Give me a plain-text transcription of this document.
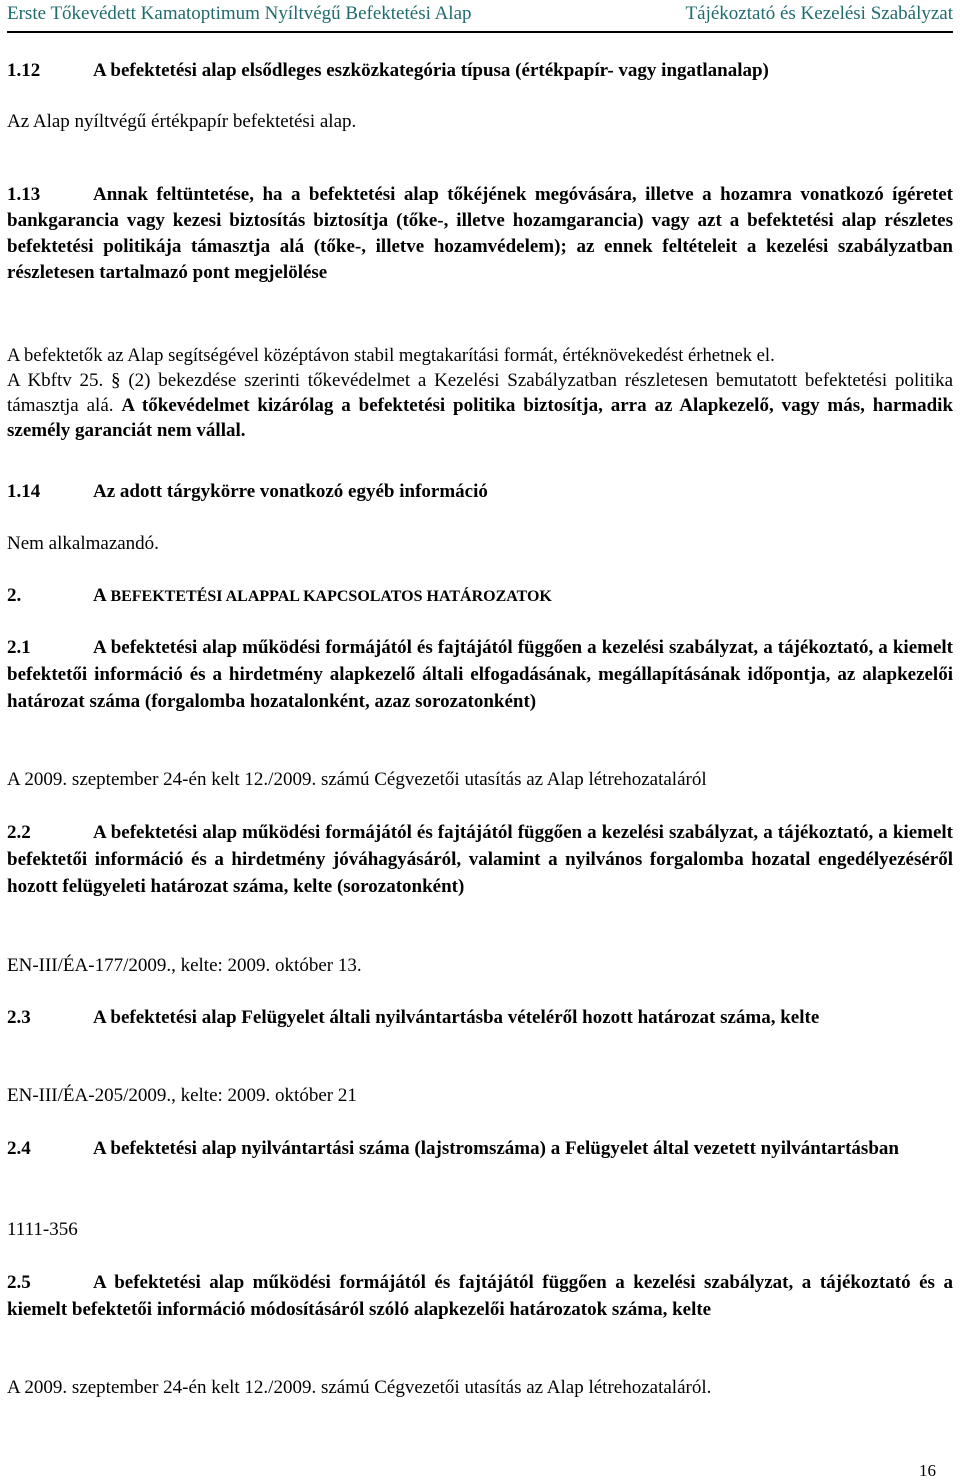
Erste Tőkevédett Kamatoptimum Nyíltvégű Befektetési Alap	Tájékoztató és Kezelési Szabályzat
1.12	A befektetési alap elsődleges eszközkategória típusa (értékpapír- vagy ingatlanalap)
Az Alap nyíltvégű értékpapír befektetési alap.
1.13	Annak feltüntetése, ha a befektetési alap tőkéjének megóvására, illetve a hozamra vonatkozó ígéretet bankgarancia vagy kezesi biztosítás biztosítja (tőke-, illetve hozamgarancia) vagy azt a befektetési alap részletes befektetési politikája támasztja alá (tőke-, illetve hozamvédelem); az ennek feltételeit a kezelési szabályzatban részletesen tartalmazó pont megjelölése
A befektetők az Alap segítségével középtávon stabil megtakarítási formát, értéknövekedést érhetnek el.
A Kbftv 25. § (2) bekezdése szerinti tőkevédelmet a Kezelési Szabályzatban részletesen bemutatott befektetési politika támasztja alá. A tőkevédelmet kizárólag a befektetési politika biztosítja, arra az Alapkezelő, vagy más, harmadik személy garanciát nem vállal.
1.14	Az adott tárgykörre vonatkozó egyéb információ
Nem alkalmazandó.
2.	A BEFEKTETÉSI ALAPPAL KAPCSOLATOS HATÁROZATOK
2.1	A befektetési alap működési formájától és fajtájától függően a kezelési szabályzat, a tájékoztató, a kiemelt befektetői információ és a hirdetmény alapkezelő általi elfogadásának, megállapításának időpontja, az alapkezelői határozat száma (forgalomba hozatalonként, azaz sorozatonként)
A 2009. szeptember 24-én kelt 12./2009. számú Cégvezetői utasítás az Alap létrehozataláról
2.2	A befektetési alap működési formájától és fajtájától függően a kezelési szabályzat, a tájékoztató, a kiemelt befektetői információ és a hirdetmény jóváhagyásáról, valamint a nyilvános forgalomba hozatal engedélyezéséről hozott felügyeleti határozat száma, kelte (sorozatonként)
EN-III/ÉA-177/2009., kelte: 2009. október 13.
2.3	A befektetési alap Felügyelet általi nyilvántartásba vételéről hozott határozat száma, kelte
EN-III/ÉA-205/2009., kelte: 2009. október 21
2.4	A befektetési alap nyilvántartási száma (lajstromszáma) a Felügyelet által vezetett nyilvántartásban
1111-356
2.5	A befektetési alap működési formájától és fajtájától függően a kezelési szabályzat, a tájékoztató és a kiemelt befektetői információ módosításáról szóló alapkezelői határozatok száma, kelte
A 2009. szeptember 24-én kelt 12./2009. számú Cégvezetői utasítás az Alap létrehozataláról.
16
